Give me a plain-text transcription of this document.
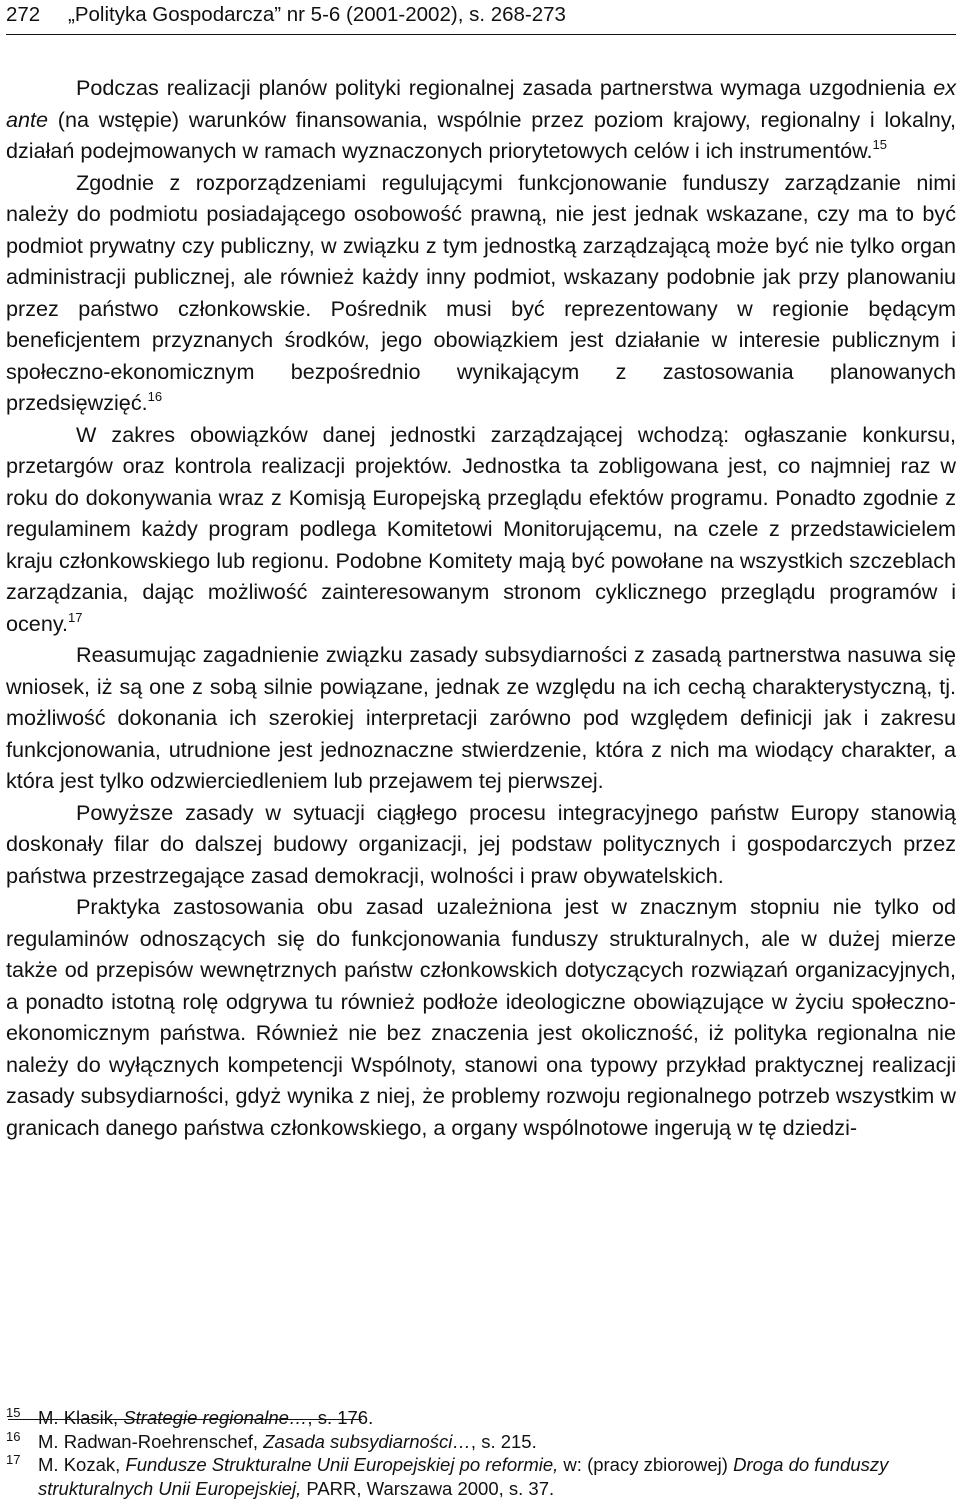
272 „Polityka Gospodarcza” nr 5-6 (2001-2002), s. 268-273

Podczas realizacji planów polityki regionalnej zasada partnerstwa wymaga uzgodnienia ex ante (na wstępie) warunków finansowania, wspólnie przez poziom krajowy, regionalny i lokalny, działań podejmowanych w ramach wyznaczonych priorytetowych celów i ich instrumentów.$^{15}$

Zgodnie z rozporządzeniami regulującymi funkcjonowanie funduszy zarządzanie nimi należy do podmiotu posiadającego osobowość prawną, nie jest jednak wskazane, czy ma to być podmiot prywatny czy publiczny, w związku z tym jednostką zarządzającą może być nie tylko organ administracji publicznej, ale również każdy inny podmiot, wskazany podobnie jak przy planowaniu przez państwo członkowskie. Pośrednik musi być reprezentowany w regionie będącym beneficjentem przyznanych środków, jego obowiązkiem jest działanie w interesie publicznym i społeczno-ekonomicznym bezpośrednio wynikającym z zastosowania planowanych przedsięwzięć.$^{16}$

W zakres obowiązków danej jednostki zarządzającej wchodzą: ogłaszanie konkursu, przetargów oraz kontrola realizacji projektów. Jednostka ta zobligowana jest, co najmniej raz w roku do dokonywania wraz z Komisją Europejską przeglądu efektów programu. Ponadto zgodnie z regulaminem każdy program podlega Komitetowi Monitorującemu, na czele z przedstawicielem kraju członkowskiego lub regionu. Podobne Komitety mają być powołane na wszystkich szczeblach zarządzania, dając możliwość zainteresowanym stronom cyklicznego przeglądu programów i oceny.$^{17}$

Reasumując zagadnienie związku zasady subsydiarności z zasadą partnerstwa nasuwa się wniosek, iż są one z sobą silnie powiązane, jednak ze względu na ich cechą charakterystyczną, tj. możliwość dokonania ich szerokiej interpretacji zarówno pod względem definicji jak i zakresu funkcjonowania, utrudnione jest jednoznaczne stwierdzenie, która z nich ma wiodący charakter, a która jest tylko odzwierciedleniem lub przejawem tej pierwszej.

Powyższe zasady w sytuacji ciągłego procesu integracyjnego państw Europy stanowią doskonały filar do dalszej budowy organizacji, jej podstaw politycznych i gospodarczych przez państwa przestrzegające zasad demokracji, wolności i praw obywatelskich.

Praktyka zastosowania obu zasad uzależniona jest w znacznym stopniu nie tylko od regulaminów odnoszących się do funkcjonowania funduszy strukturalnych, ale w dużej mierze także od przepisów wewnętrznych państw członkowskich dotyczących rozwiązań organizacyjnych, a ponadto istotną rolę odgrywa tu również podłoże ideologiczne obowiązujące w życiu społeczno-ekonomicznym państwa. Również nie bez znaczenia jest okoliczność, iż polityka regionalna nie należy do wyłącznych kompetencji Wspólnoty, stanowi ona typowy przykład praktycznej realizacji zasady subsydiarności, gdyż wynika z niej, że problemy rozwoju regionalnego potrzeb wszystkim w granicach danego państwa członkowskiego, a organy wspólnotowe ingerują w tę dziedzi-

15 M. Klasik, Strategie regionalne…, s. 176.
16 M. Radwan-Roehrenschef, Zasada subsydiarności…, s. 215.
17 M. Kozak, Fundusze Strukturalne Unii Europejskiej po reformie, w: (pracy zbiorowej) Droga do funduszy strukturalnych Unii Europejskiej, PARR, Warszawa 2000, s. 37.
